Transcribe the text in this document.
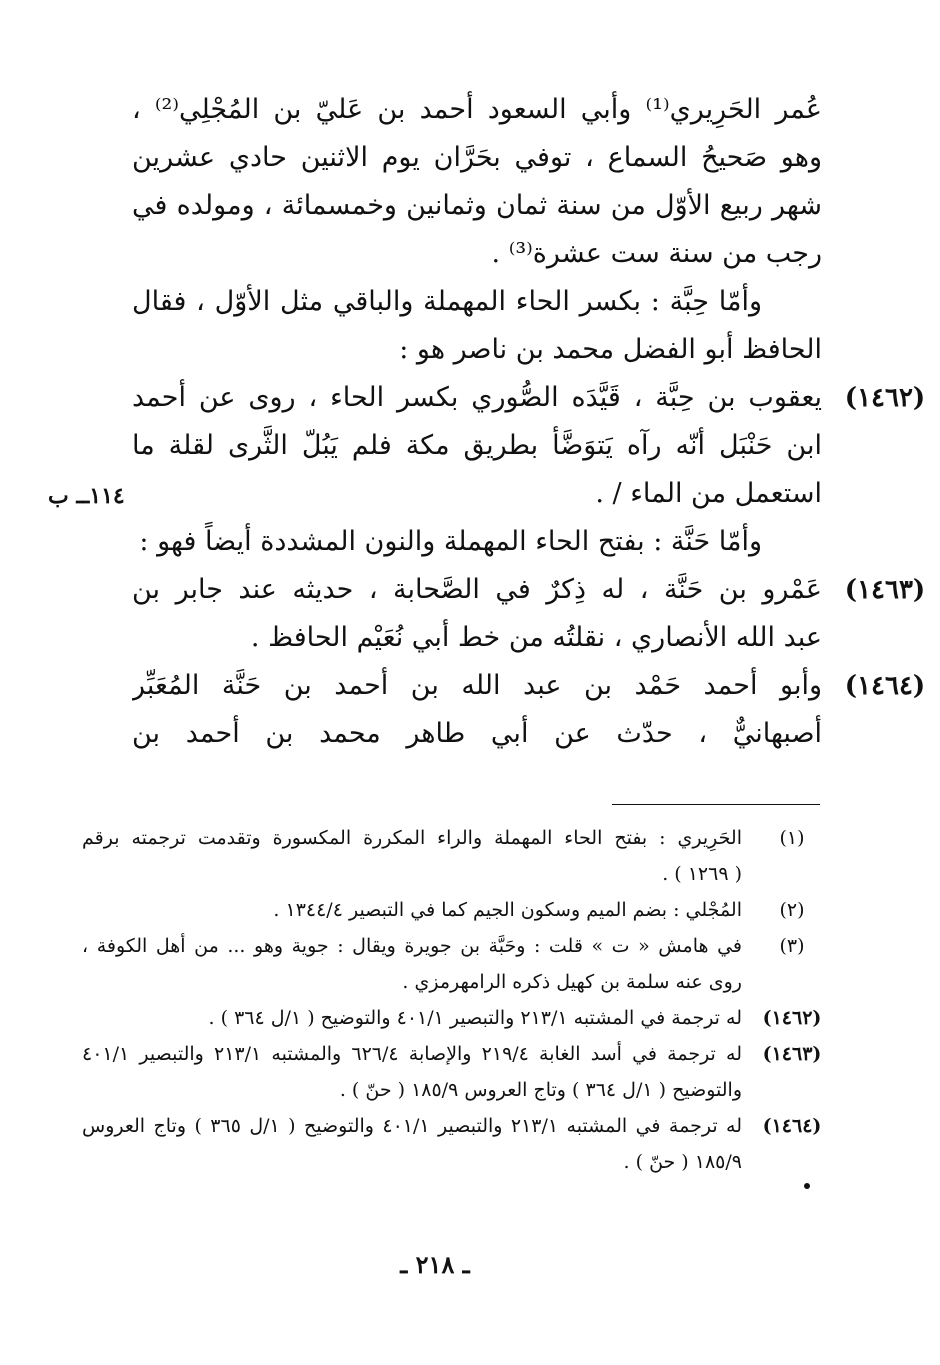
عُمر الحَرِيري⁽¹⁾ وأبي السعود أحمد بن عَليّ بن المُجْلِي⁽²⁾ ،
وهو صَحيحُ السماع ، توفي بحَرَّان يوم الاثنين حادي عشرين
شهر ربيع الأوّل من سنة ثمان وثمانين وخمسمائة ، ومولده في
رجب من سنة ست عشرة⁽³⁾ .
وأمّا حِبَّة : بكسر الحاء المهملة والباقي مثل الأوّل ، فقال
الحافظ أبو الفضل محمد بن ناصر هو :
(١٤٦٢)
يعقوب بن حِبَّة ، قَيَّدَه الصُّوري بكسر الحاء ، روى عن أحمد
ابن حَنْبَل أنّه رآه يَتوَضَّأ بطريق مكة فلم يَبُلّ الثَّرى لقلة ما
استعمل من الماء / .
وأمّا حَنَّة : بفتح الحاء المهملة والنون المشددة أيضاً فهو :
(١٤٦٣)
عَمْرو بن حَنَّة ، له ذِكرٌ في الصَّحابة ، حديثه عند جابر بن
عبد الله الأنصاري ، نقلتُه من خط أبي نُعَيْم الحافظ .
(١٤٦٤)
وأبو أحمد حَمْد بن عبد الله بن أحمد بن حَنَّة المُعَبِّر
أصبهانيٌّ ، حدّث عن أبي طاهر محمد بن أحمد بن
١١٤ــ ب
(١)
الحَرِيري : بفتح الحاء المهملة والراء المكررة المكسورة وتقدمت ترجمته برقم
( ١٢٦٩ ) .
(٢)
المُجْلي : بضم الميم وسكون الجيم كما في التبصير ١٣٤٤/٤ .
(٣)
في هامش « ت » قلت : وحَبَّة بن جويرة ويقال : جوية وهو ... من أهل الكوفة ،
روى عنه سلمة بن كهيل ذكره الرامهرمزي .
(١٤٦٢)
له ترجمة في المشتبه ٢١٣/١ والتبصير ٤٠١/١ والتوضيح ( ١/ل ٣٦٤ ) .
(١٤٦٣)
له ترجمة في أسد الغابة ٢١٩/٤ والإصابة ٦٢٦/٤ والمشتبه ٢١٣/١ والتبصير ٤٠١/١
والتوضيح ( ١/ل ٣٦٤ ) وتاج العروس ١٨٥/٩ ( حنّ ) .
(١٤٦٤)
له ترجمة في المشتبه ٢١٣/١ والتبصير ٤٠١/١ والتوضيح ( ١/ل ٣٦٥ ) وتاج العروس
١٨٥/٩ ( حنّ ) .
ـ ٢١٨ ـ
